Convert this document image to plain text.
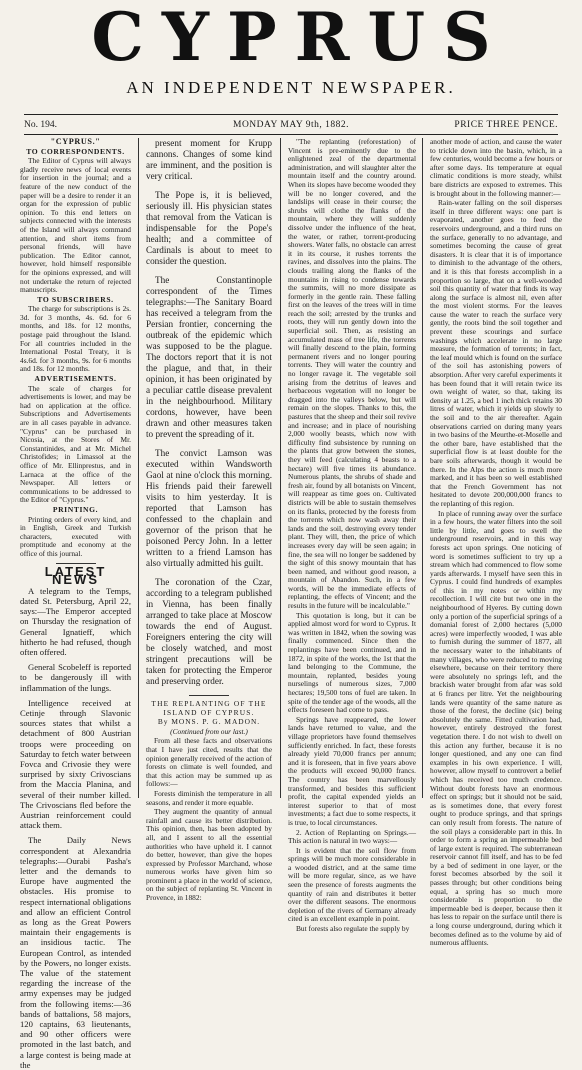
CYPRUS
AN INDEPENDENT NEWSPAPER.
No. 194.	MONDAY MAY 9th, 1882.	PRICE THREE PENCE.

"CYPRUS."

TO CORRESPONDENTS.

The Editor of Cyprus will always gladly receive news of local events for insertion in the journal; and a feature of the new conduct of the paper will be a desire to render it an organ for the expression of public opinion. To this end letters on subjects connected with the interests of the Island will always command attention, and short items from personal friends, will have publication. The Editor cannot, however, hold himself responsible for the opinions expressed, and will not undertake the return of rejected manuscripts.

TO SUBSCRIBERS.

The charge for subscriptions is 2s. 3d. for 3 months, 4s. 6d. for 6 months, and 18s. for 12 months, postage paid throughout the Island. For all countries included in the International Postal Treaty, it is 4s.6d. for 3 months, 9s. for 6 months and 18s. for 12 months.

ADVERTISEMENTS.

The scale of charges for advertisements is lower, and may be had on application at the office. Subscriptions and Advertisements are in all cases payable in advance. "Cyprus" can be purchased in Nicosia, at the Stores of Mr. Constantinides, and at Mr. Michel Christofides; in Limassol at the office of Mr. Ellinprestus, and in Larnaca at the office of the Newspaper. All letters or communications to be addressed to the Editor of "Cyprus."

PRINTING.

Printing orders of every kind, and in English, Greek and Turkish characters, executed with promptitude and economy at the office of this journal.

LATEST NEWS

A telegram to the Temps, dated St. Petersburg, April 22, says:—The Emperor accepted on Thursday the resignation of General Ignatieff, which hitherto he had refused, though often offered.

General Scobeleff is reported to be dangerously ill with inflammation of the lungs.

Intelligence received at Cetinje through Slavonic sources states that whilst a detachment of 800 Austrian troops were proceeding on Saturday to fetch water between Fovca and Crivosie they were surprised by sixty Crivoscians from the Maccia Planina, and several of their number killed. The Crivoscians fled before the Austrian reinforcement could attack them.

The Daily News correspondent at Alexandria telegraphs:—Ourabi Pasha's letter and the demands to Europe have augmented the obstacles. His promise to respect international obligations and allow an efficient Control as long as the Great Powers maintain their engagements is an insidious tactic. The European Control, as intended by the Powers, no longer exists. The value of the statement regarding the increase of the army expenses may be judged from the following items:—36 bands of battalions, 58 majors, 120 captains, 63 lieutenants, and 90 other officers were promoted in the last batch, and a large contest is being made at the

present moment for Krupp cannons. Changes of some kind are imminent, and the position is very critical.

The Pope is, it is believed, seriously ill. His physician states that removal from the Vatican is indispensable for the Pope's health; and a committee of Cardinals is about to meet to consider the question.

The Constantinople correspondent of the Times telegraphs:—The Sanitary Board has received a telegram from the Persian frontier, concerning the outbreak of the epidemic which was supposed to be the plague. The doctors report that it is not the plague, and that, in their opinion, it has been originated by a peculiar cattle disease prevalent in the neighbourhood. Military cordons, however, have been drawn and other measures taken to prevent the spreading of it.

The convict Lamson was executed within Wandsworth Gaol at nine o'clock this morning. His friends paid their farewell visits to him yesterday. It is reported that Lamson has confessed to the chaplain and governor of the prison that he poisoned Percy John. In a letter written to a friend Lamson has also virtually admitted his guilt.

The coronation of the Czar, according to a telegram published in Vienna, has been finally arranged to take place at Moscow towards the end of August. Foreigners entering the city will be closely watched, and most stringent precautions will be taken for protecting the Emperor and preserving order.

THE REPLANTING OF THE ISLAND OF CYPRUS.

By MONS. P. G. MADON.

(Continued from our last.)

From all these facts and observations that I have just cited, results that the opinion generally received of the action of forests on climate is well founded, and that this action may be summed up as follows:—

Forests diminish the temperature in all seasons, and render it more equable.

They augment the quantity of annual rainfall and cause its better distribution. This opinion, then, has been adopted by all, and I assent to all the essential authorities who have upheld it. I cannot do better, however, than give the hopes expressed by Professor Marchand, whose numerous works have given him so prominent a place in the world of science, on the subject of replanting St. Vincent in Provence, in 1882:

"The replanting (reforestation) of Vincent is pre-eminently due to the enlightened zeal of the departmental administration, and will slaughter alter the mountain itself and the country around. When its slopes have become wooded they will be no longer covered, and the landslips will cease in their course; the shrubs will clothe the flanks of the mountain, where they will suddenly dissolve under the influence of the heat, the water, or rather, torrent-producing showers. Water falls, no obstacle can arrest it in its course, it rushes torrents the ravines, and dissolves into the plains. The clouds trailing along the flanks of the mountains in rising to condense towards the summits, will no more dissipate as formerly in the gentle rain. These falling first on the leaves of the trees will in time reach the soil; arrested by the trunks and roots, they will run gently down into the superficial soil. Then, as resisting an accumulated mass of tree life, the torrents will finally descend to the plain, forming permanent rivers and no longer pouring torrents. They will water the country and no longer ravage it. The vegetable soil arising from the detritus of leaves and herbaceous vegetation will no longer be dragged into the valleys below, but will remain on the slopes. Thanks to this, the pastures that the sheep and their soil revive and increase; and in place of nourishing 2,000 woolly beasts, which now with difficulty find subsistence by running on the plants that grow between the stones, they will feed (calculating 4 beasts to a hectare) will five times its abundance. Numerous plants, the shrubs of shade and fresh air, found by all botanists on Vincent, will reappear as time goes on. Cultivated districts will be able to sustain themselves on its flanks, protected by the forests from the torrents which now wash away their lands and the soil, destroying every tender plant. They will, then, the price of which increases every day will be seen again; in fine, the sea will no longer be saddened by the sight of this snowy mountain that has been named, and without good reason, a mountain of Abandon. Such, in a few words, will be the immediate effects of replanting, the effects of Vincent; and the results in the future will be incalculable."

This quotation is long, but it can be applied almost word for word to Cyprus. It was written in 1842, when the sowing was finally commenced. Since then the replantings have been continued, and in 1872, in spite of the works, the 1st that the land belonging to the Commune, the mountain, replanted, besides young nurselings of numerous sizes, 7,000 hectares; 19,500 tons of fuel are taken. In spite of the tender age of the woods, all the effects foreseen had come to pass.

Springs have reappeared, the lower lands have returned to value, and the village proprietors have found themselves sufficiently enriched. In fact, these forests already yield 70,000 francs per annum; and it is foreseen, that in five years above the products will exceed 90,000 francs. The country has been marvellously transformed, and besides this sufficient profit, the capital expended yields an interest superior to that of most investments; a fact due to some respects, it is true, to local circumstances.

2. Action of Replanting on Springs.—This action is natural in two ways:—

It is evident that the soil flow from springs will be much more considerable in a wooded district, and at the same time will be more regular, since, as we have seen the presence of forests augments the quantity of rain and distributes it better over the different seasons. The enormous depletion of the rivers of Germany already cited is an excellent example in point.

But forests also regulate the supply by

another mode of action, and cause the water to trickle down into the basin, which, in a few centuries, would become a few hours or after some days. Its temperature at equal climatic conditions is more steady, whilst bare districts are exposed to extremes. This is brought about in the following manner:—

Rain-water falling on the soil disperses itself in three different ways: one part is evaporated, another goes to feed the reservoirs underground, and a third runs on the surface, generally to no advantage, and sometimes becoming the cause of great disasters. It is clear that it is of importance to diminish to the advantage of the others, and it is this that forests accomplish in a proportion so large, that on a well-wooded soil this quantity of water that finds its way along the surface is almost nil, even after the most violent storms. For the leaves cause the water to reach the surface very gently, the roots bind the soil together and prevent these scourings and surface washings which accelerate in no large measure, the formation of torrents; in fact, the leaf mould which is found on the surface of the soil has astonishing powers of absorption. After very careful experiments it has been found that it will retain twice its own weight of water, so that, taking its density at 1.25, a bed 1 inch thick retains 30 litres of water, which it yields up slowly to the soil and to the air thereafter. Again observations carried on during many years in two basins of the Meurthe-et-Moselle and the other bare, have established that the superficial flow is at least double for the bare soils afterwards, though it would be there. In the Alps the action is much more marked, and it has been so well established that the French Government has not hesitated to devote 200,000,000 francs to the replanting of this region.

In place of running away over the surface in a few hours, the water filters into the soil little by little, and goes to swell the underground reservoirs, and in this way forests act upon springs. One noticing of word is sometimes sufficient to try up a stream which had commenced to flow some yards afterwards. I myself have seen this in Cyprus. I could find hundreds of examples of this in my notes or within my recollection. I will cite but two one in the neighbourhood of Hyeres. By cutting down only a portion of the superficial springs of a domanial forest of 2,000 hectares (5,000 acres) were imperfectly wooded, I was able to furnish during the summer of 1877, all the necessary water to the inhabitants of many villages, who were reduced to moving elsewhere, because on their territory there were absolutely no springs left, and the brackish water brought from afar was sold at 6 francs per litre. Yet the neighbouring lands were quantity of the same nature as those of the forest, the decline (sic) being absolutely the same. Fitted cultivation had, however, entirely destroyed the forest vegetation there. I do not wish to dwell on this action any further, because it is no longer questioned, and any one can find examples in his own experience. I will, however, allow myself to controvert a belief which has received too much credence. Without doubt forests have an enormous effect on springs; but it should not be said, as is sometimes done, that every forest ought to produce springs, and that springs can only result from forests. The nature of the soil plays a considerable part in this. In order to form a spring an impermeable bed of large extent is required. The subterranean reservoir cannot fill itself, and has to be fed by a bed of sediment in one layer, or the forest becomes absorbed by the soil it passes through; but other conditions being equal, a spring has so much more considerable is proportion to the impermeable bed is deeper, because then it has less to repair on the surface until there is a long course underground, during which it becomes defined as to the volume by aid of numerous affluents.
